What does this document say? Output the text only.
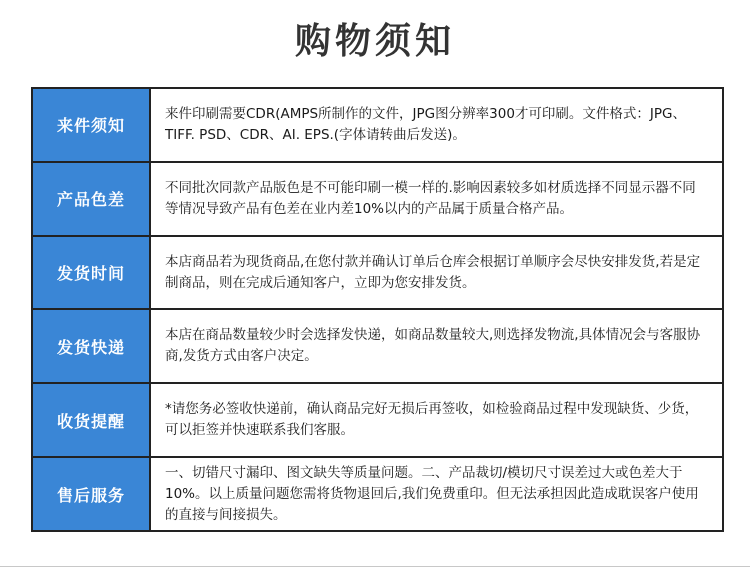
购物须知
来件须知
来件印刷需要CDR(AMPS所制作的文件，JPG图分辨率300才可印刷。文件格式：JPG、TIFF. PSD、CDR、AI. EPS.(字体请转曲后发送)。
产品色差
不同批次同款产品版色是不可能印刷一模一样的.影响因素较多如材质选择不同显示器不同等情况导致产品有色差在业内差10%以内的产品属于质量合格产品。
发货时间
本店商品若为现货商品,在您付款并确认订单后仓库会根据订单顺序会尽快安排发货,若是定制商品，则在完成后通知客户，立即为您安排发货。
发货快递
本店在商品数量较少时会选择发快递，如商品数量较大,则选择发物流,具体情况会与客服协商,发货方式由客户决定。
收货提醒
*请您务必签收快递前，确认商品完好无损后再签收，如检验商品过程中发现缺货、少货，可以拒签并快速联系我们客服。
售后服务
一、切错尺寸漏印、图文缺失等质量问题。二、产品裁切/模切尺寸误差过大或色差大于10%。以上质量问题您需将货物退回后,我们免费重印。但无法承担因此造成耽误客户使用的直接与间接损失。
